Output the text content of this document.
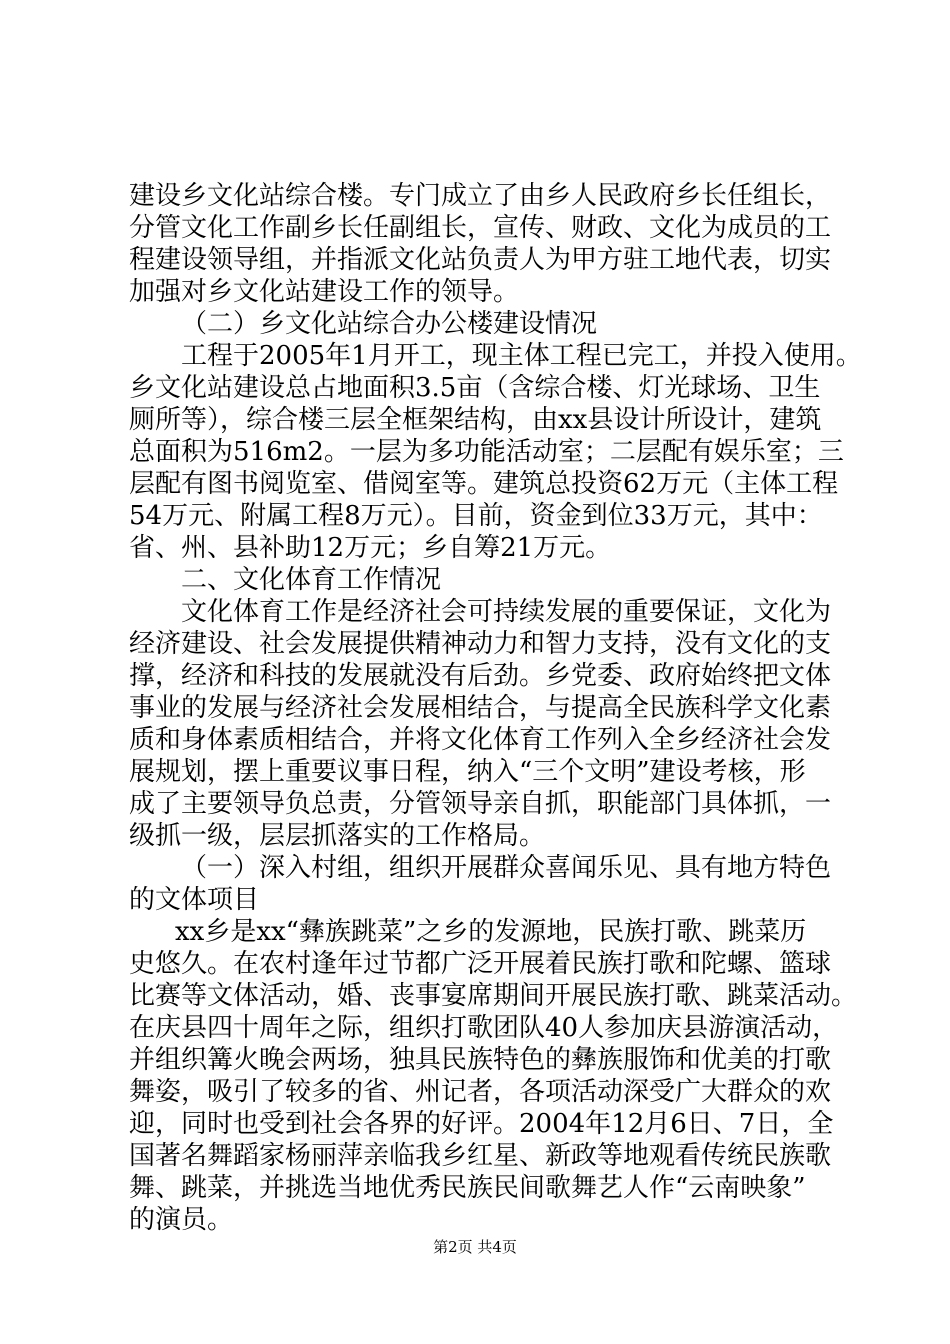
建设乡文化站综合楼。专门成立了由乡人民政府乡长任组长，
分管文化工作副乡长任副组长，宣传、财政、文化为成员的工
程建设领导组，并指派文化站负责人为甲方驻工地代表，切实
加强对乡文化站建设工作的领导。
（二）乡文化站综合办公楼建设情况
工程于2005年1月开工，现主体工程已完工，并投入使用。
乡文化站建设总占地面积3.5亩（含综合楼、灯光球场、卫生
厕所等），综合楼三层全框架结构，由xx县设计所设计，建筑
总面积为516m2。一层为多功能活动室；二层配有娱乐室；三
层配有图书阅览室、借阅室等。建筑总投资62万元（主体工程
54万元、附属工程8万元）。目前，资金到位33万元，其中：
省、州、县补助12万元；乡自筹21万元。
二、文化体育工作情况
文化体育工作是经济社会可持续发展的重要保证，文化为
经济建设、社会发展提供精神动力和智力支持，没有文化的支
撑，经济和科技的发展就没有后劲。乡党委、政府始终把文体
事业的发展与经济社会发展相结合，与提高全民族科学文化素
质和身体素质相结合，并将文化体育工作列入全乡经济社会发
展规划，摆上重要议事日程，纳入“三个文明”建设考核，形
成了主要领导负总责，分管领导亲自抓，职能部门具体抓，一
级抓一级，层层抓落实的工作格局。
（一）深入村组，组织开展群众喜闻乐见、具有地方特色
的文体项目
xx乡是xx“彝族跳菜”之乡的发源地，民族打歌、跳菜历
史悠久。在农村逢年过节都广泛开展着民族打歌和陀螺、篮球
比赛等文体活动，婚、丧事宴席期间开展民族打歌、跳菜活动。
在庆县四十周年之际，组织打歌团队40人参加庆县游演活动，
并组织篝火晚会两场，独具民族特色的彝族服饰和优美的打歌
舞姿，吸引了较多的省、州记者，各项活动深受广大群众的欢
迎，同时也受到社会各界的好评。2004年12月6日、7日，全
国著名舞蹈家杨丽萍亲临我乡红星、新政等地观看传统民族歌
舞、跳菜，并挑选当地优秀民族民间歌舞艺人作“云南映象”
的演员。
第2页 共4页
